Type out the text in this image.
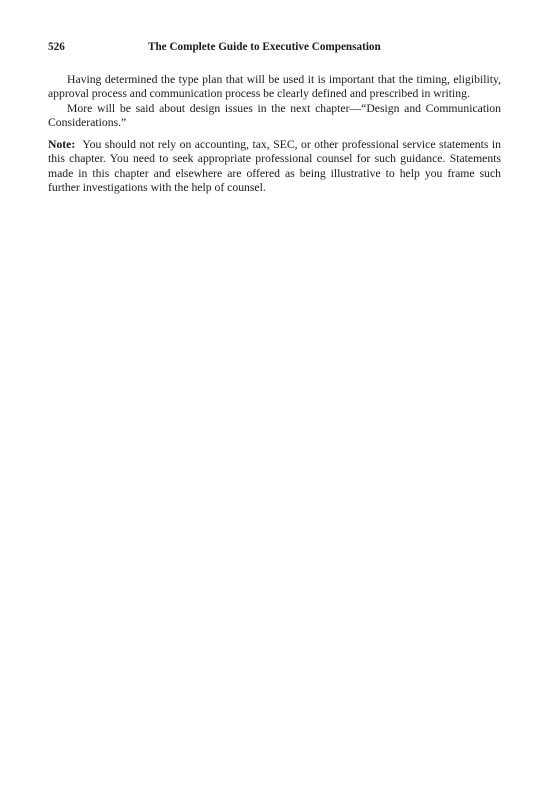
526	The Complete Guide to Executive Compensation

Having determined the type plan that will be used it is important that the timing, eligibility, approval process and communication process be clearly defined and prescribed in writing.

More will be said about design issues in the next chapter—“Design and Communication Considerations.”

Note: You should not rely on accounting, tax, SEC, or other professional service statements in this chapter. You need to seek appropriate professional counsel for such guidance. Statements made in this chapter and elsewhere are offered as being illustrative to help you frame such further investigations with the help of counsel.
